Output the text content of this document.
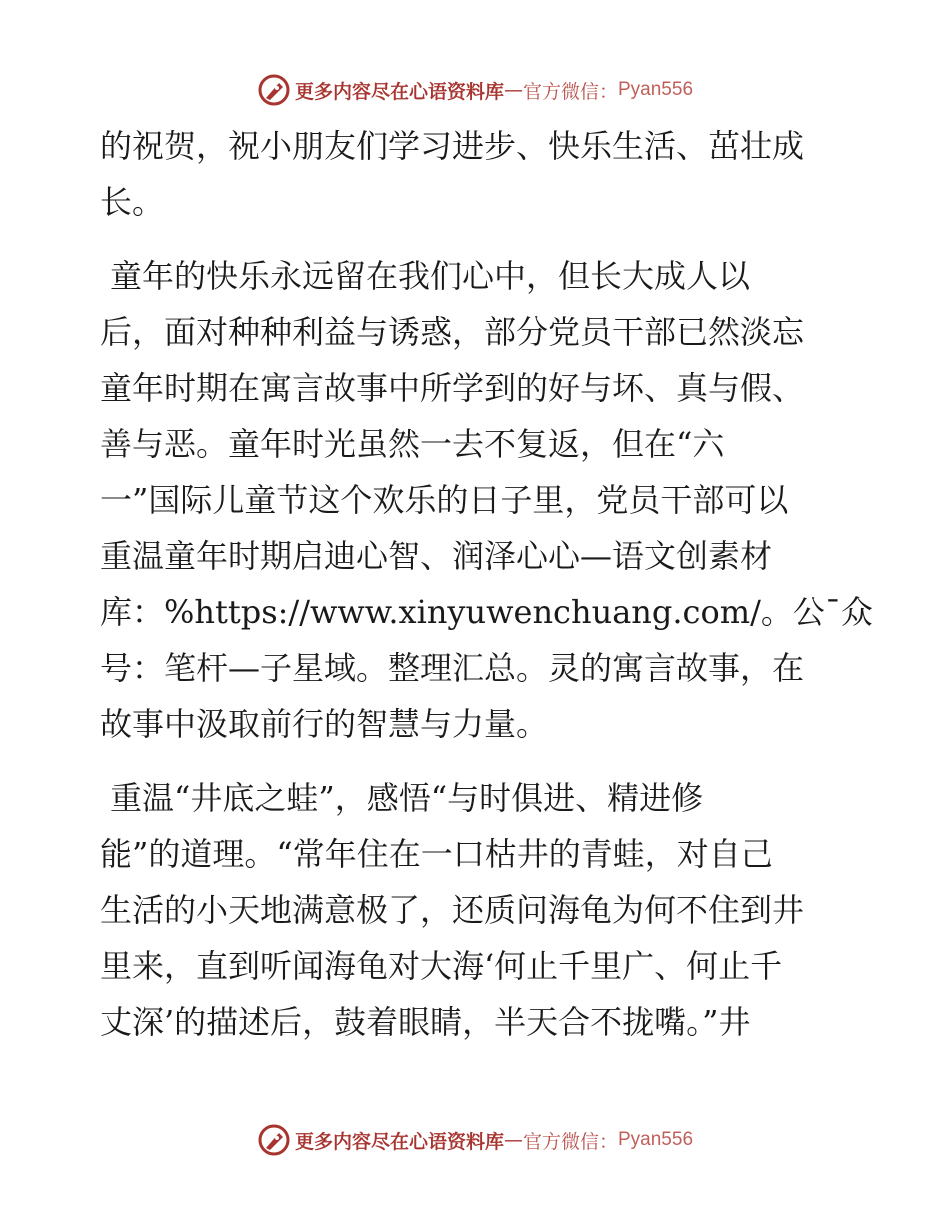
更多内容尽在心语资料库 — 官方微信： Pyan556
的祝贺，祝小朋友们学习进步、快乐生活、茁壮成
长。
童年的快乐永远留在我们心中，但长大成人以
后，面对种种利益与诱惑，部分党员干部已然淡忘
童年时期在寓言故事中所学到的好与坏、真与假、
善与恶。童年时光虽然一去不复返，但在“六
一”国际儿童节这个欢乐的日子里，党员干部可以
重温童年时期启迪心智、润泽心心—语文创素材
库：%https://www.xinyuwenchuang.com/。公¯众
号：笔杆—子星域。整理汇总。灵的寓言故事，在
故事中汲取前行的智慧与力量。
重温“井底之蛙”，感悟“与时俱进、精进修
能”的道理。“常年住在一口枯井的青蛙，对自己
生活的小天地满意极了，还质问海龟为何不住到井
里来，直到听闻海龟对大海‘何止千里广、何止千
丈深’的描述后，鼓着眼睛，半天合不拢嘴。”井
更多内容尽在心语资料库 — 官方微信： Pyan556
